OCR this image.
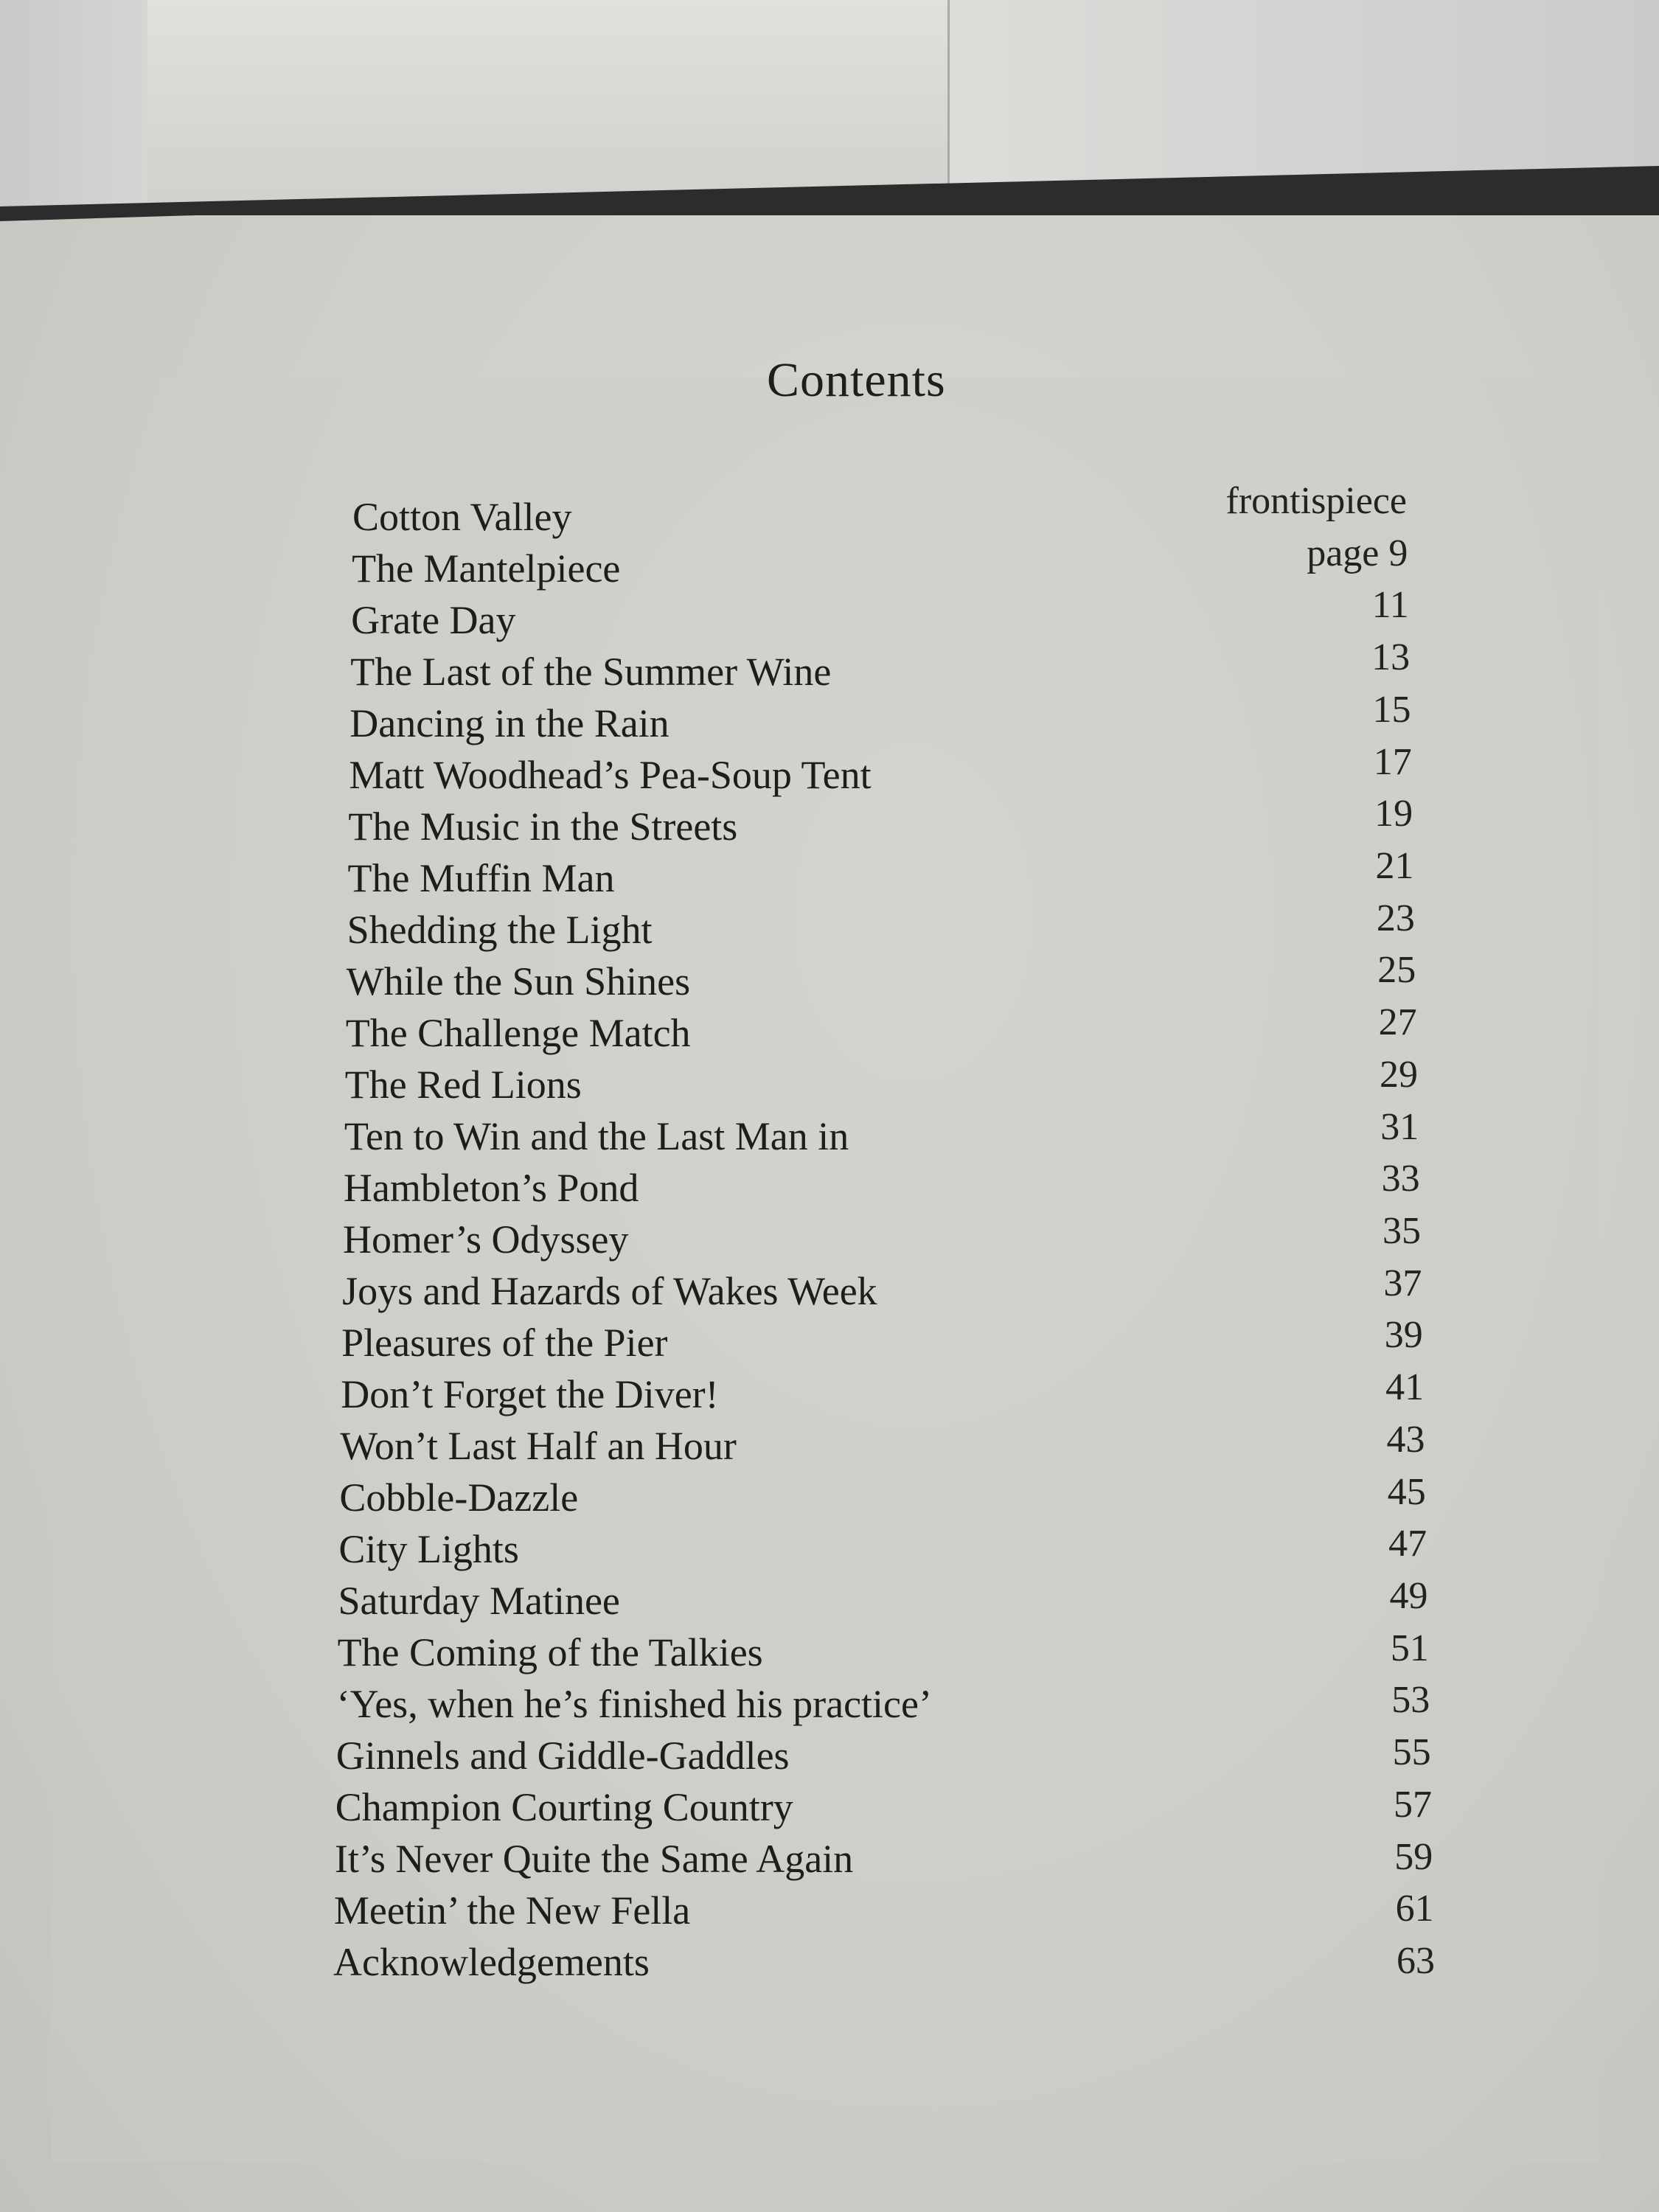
Contents
Cotton Valley	frontispiece
The Mantelpiece	page 9
Grate Day	11
The Last of the Summer Wine	13
Dancing in the Rain	15
Matt Woodhead’s Pea-Soup Tent	17
The Music in the Streets	19
The Muffin Man	21
Shedding the Light	23
While the Sun Shines	25
The Challenge Match	27
The Red Lions	29
Ten to Win and the Last Man in	31
Hambleton’s Pond	33
Homer’s Odyssey	35
Joys and Hazards of Wakes Week	37
Pleasures of the Pier	39
Don’t Forget the Diver!	41
Won’t Last Half an Hour	43
Cobble-Dazzle	45
City Lights	47
Saturday Matinee	49
The Coming of the Talkies	51
‘Yes, when he’s finished his practice’	53
Ginnels and Giddle-Gaddles	55
Champion Courting Country	57
It’s Never Quite the Same Again	59
Meetin’ the New Fella	61
Acknowledgements	63
